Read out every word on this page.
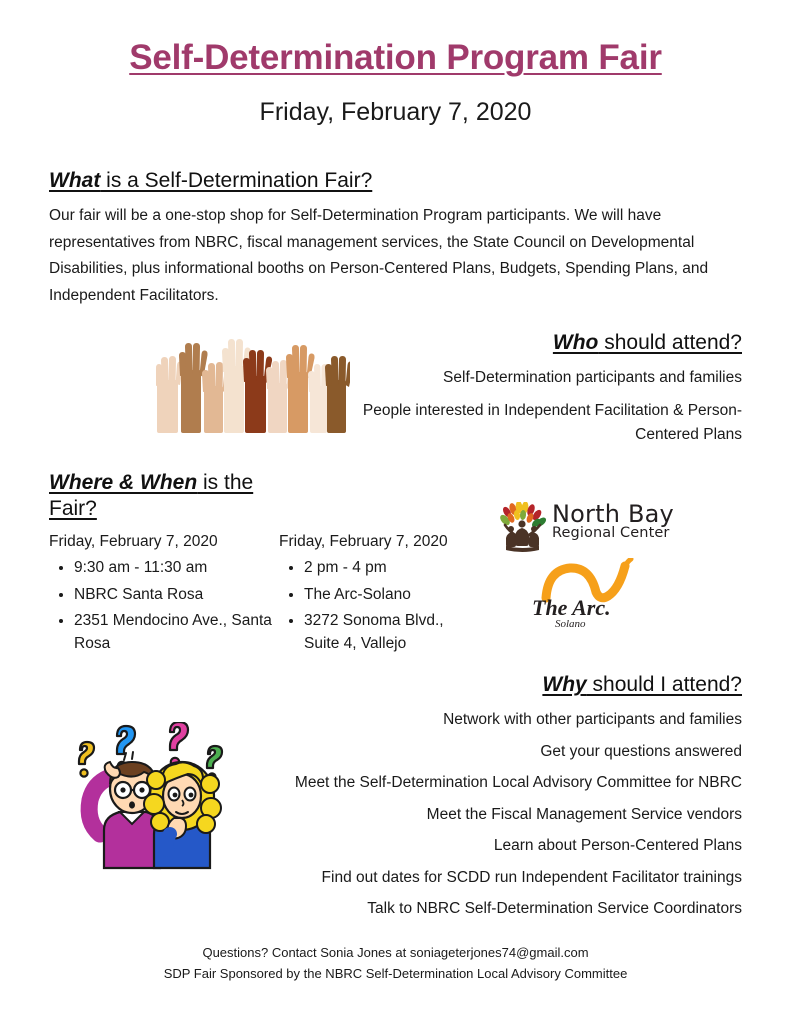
Self-Determination Program Fair
Friday, February 7, 2020
What is a Self-Determination Fair?
Our fair will be a one-stop shop for Self-Determination Program participants. We will have representatives from NBRC, fiscal management services, the State Council on Developmental Disabilities, plus informational booths on Person-Centered Plans, Budgets, Spending Plans, and Independent Facilitators.
Who should attend?
Self-Determination participants and families
People interested in Independent Facilitation & Person-Centered Plans
Where & When is the Fair?
Friday, February 7, 2020
• 9:30 am - 11:30 am
• NBRC Santa Rosa
• 2351 Mendocino Ave., Santa Rosa
Friday, February 7, 2020
• 2 pm - 4 pm
• The Arc-Solano
• 3272 Sonoma Blvd., Suite 4, Vallejo
North Bay
Regional Center
The Arc.
Solano
Why should I attend?
Network with other participants and families
Get your questions answered
Meet the Self-Determination Local Advisory Committee for NBRC
Meet the Fiscal Management Service vendors
Learn about Person-Centered Plans
Find out dates for SCDD run Independent Facilitator trainings
Talk to NBRC Self-Determination Service Coordinators
Questions? Contact Sonia Jones at soniageterjones74@gmail.com
SDP Fair Sponsored by the NBRC Self-Determination Local Advisory Committee
